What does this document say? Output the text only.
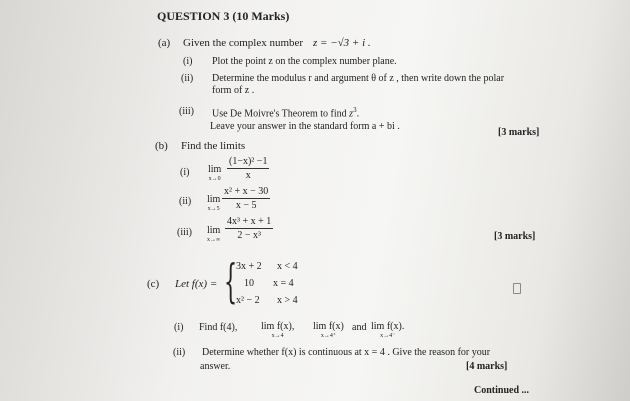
QUESTION 3 (10 Marks)
(a) Given the complex number z = −√3 + i .
(i) Plot the point z on the complex number plane.
(ii) Determine the modulus r and argument θ of z , then write down the polar
form of z .
(iii) Use De Moivre's Theorem to find $z^3$.
Leave your answer in the standard form a + bi .
[3 marks]
(b) Find the limits
(i) lim
$x\to 0 \frac{\text{(1−x)² −1}}{x}$
(ii) lim
$x\to 5 \frac{\text{x² + x − 30}}{x - 5}$
(iii) lim
$x\to\infty \frac{\text{4x³ + x + 1}}{\text{2 − x³}}$	[3 marks]
(c) Let f(x) = {
3x + 2 x < 4
10 x = 4
x² − 2 x > 4
(i) Find f(4), lim f(x),
x→4
lim f(x)
x→4⁺
and lim f(x).
x→4⁻
(ii) Determine whether f(x) is continuous at x = 4 . Give the reason for your
answer.	[4 marks]
Continued ...
